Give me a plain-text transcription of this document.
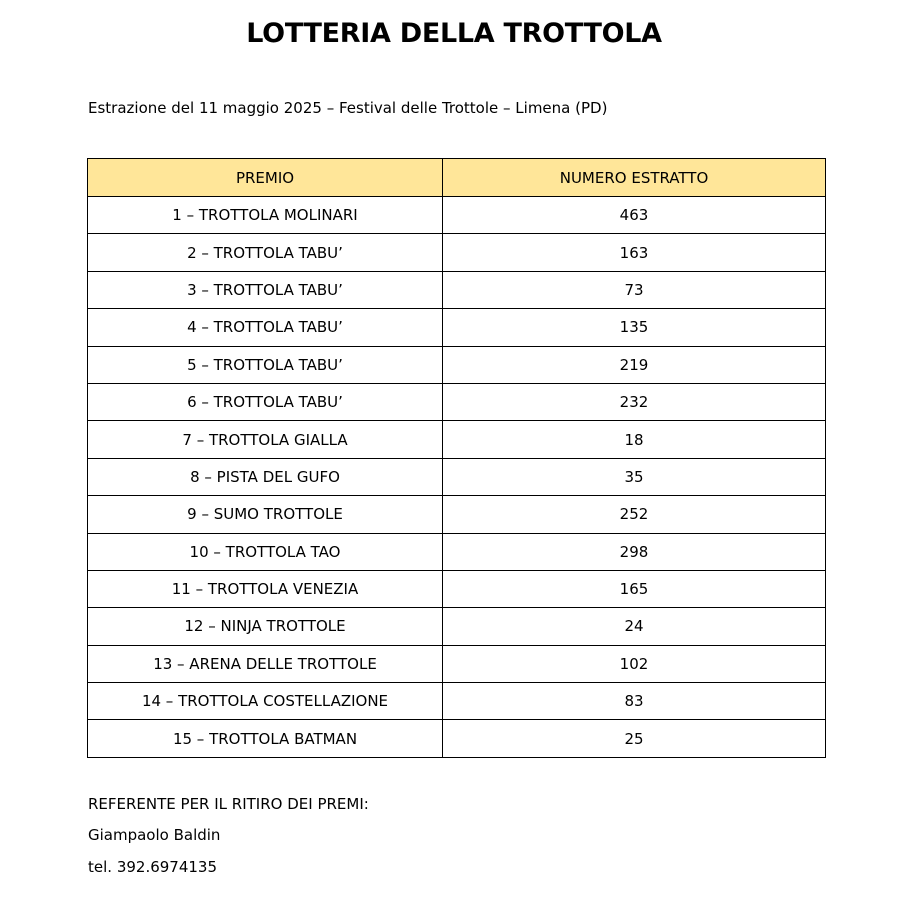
LOTTERIA DELLA TROTTOLA

Estrazione del 11 maggio 2025 – Festival delle Trottole – Limena (PD)

PREMIO	NUMERO ESTRATTO
1 – TROTTOLA MOLINARI	463
2 – TROTTOLA TABU’	163
3 – TROTTOLA TABU’	73
4 – TROTTOLA TABU’	135
5 – TROTTOLA TABU’	219
6 – TROTTOLA TABU’	232
7 – TROTTOLA GIALLA	18
8 – PISTA DEL GUFO	35
9 – SUMO TROTTOLE	252
10 – TROTTOLA TAO	298
11 – TROTTOLA VENEZIA	165
12 – NINJA TROTTOLE	24
13 – ARENA DELLE TROTTOLE	102
14 – TROTTOLA COSTELLAZIONE	83
15 – TROTTOLA BATMAN	25

REFERENTE PER IL RITIRO DEI PREMI:

Giampaolo Baldin

tel. 392.6974135
